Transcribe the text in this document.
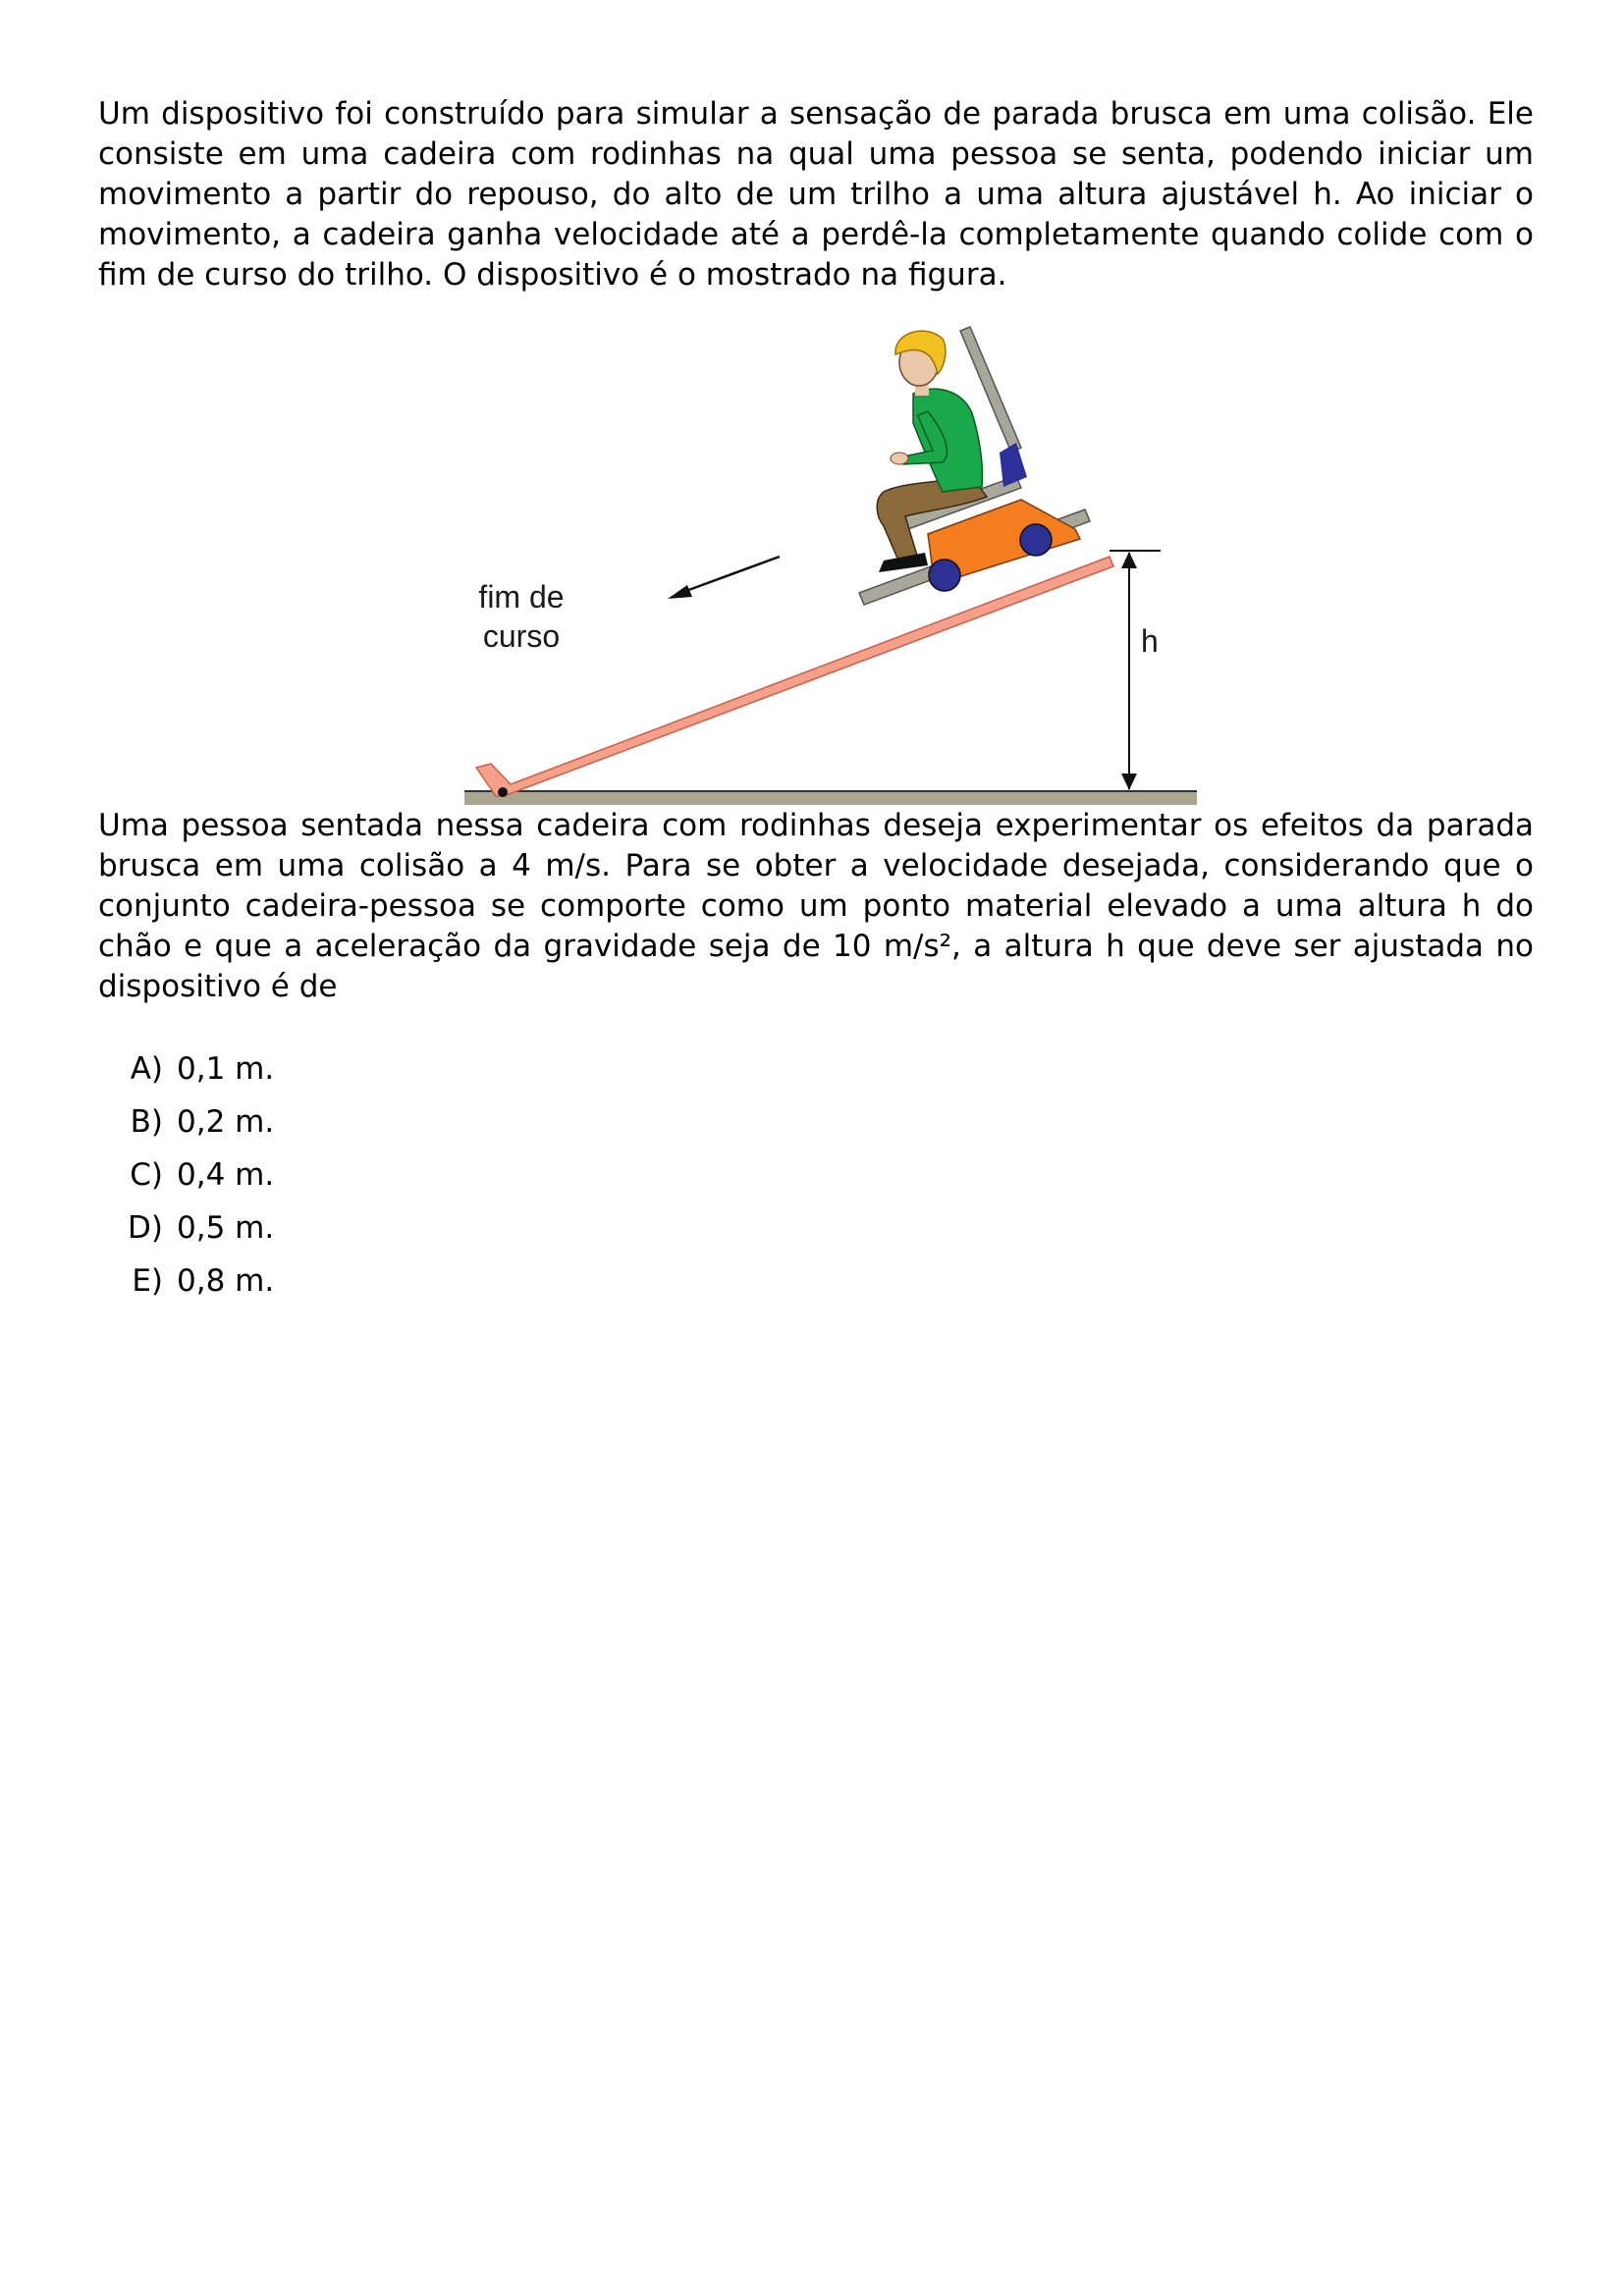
Um dispositivo foi construído para simular a sensação de parada brusca em uma colisão. Ele consiste em uma cadeira com rodinhas na qual uma pessoa se senta, podendo iniciar um movimento a partir do repouso, do alto de um trilho a uma altura ajustável h. Ao iniciar o movimento, a cadeira ganha velocidade até a perdê-la completamente quando colide com o fim de curso do trilho. O dispositivo é o mostrado na figura.

fim de
curso	h

Uma pessoa sentada nessa cadeira com rodinhas deseja experimentar os efeitos da parada brusca em uma colisão a 4 m/s. Para se obter a velocidade desejada, considerando que o conjunto cadeira-pessoa se comporte como um ponto material elevado a uma altura h do chão e que a aceleração da gravidade seja de 10 m/s², a altura h que deve ser ajustada no dispositivo é de

A) 0,1 m.
B) 0,2 m.
C) 0,4 m.
D) 0,5 m.
E) 0,8 m.
